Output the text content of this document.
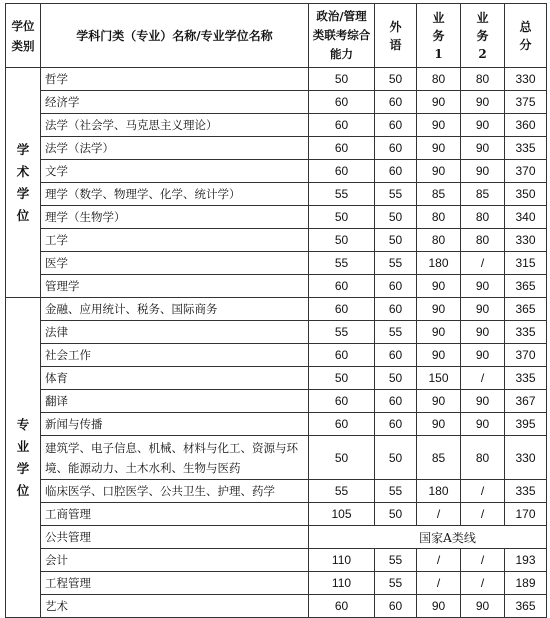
学位类别	学科门类（专业）名称/专业学位名称	政治/管理类联考综合能力	外语	业务1	业务2	总分

学术学位	哲学	50	50	80	80	330
	经济学	60	60	90	90	375
	法学（社会学、马克思主义理论）	60	60	90	90	360
	法学（法学）	60	60	90	90	335
	文学	60	60	90	90	370
	理学（数学、物理学、化学、统计学）	55	55	85	85	350
	理学（生物学）	50	50	80	80	340
	工学	50	50	80	80	330
	医学	55	55	180	/	315
	管理学	60	60	90	90	365

专业学位	金融、应用统计、税务、国际商务	60	60	90	90	365
	法律	55	55	90	90	335
	社会工作	60	60	90	90	370
	体育	50	50	150	/	335
	翻译	60	60	90	90	367
	新闻与传播	60	60	90	90	395
	建筑学、电子信息、机械、材料与化工、资源与环境、能源动力、土木水利、生物与医药	50	50	85	80	330
	临床医学、口腔医学、公共卫生、护理、药学	55	55	180	/	335
	工商管理	105	50	/	/	170
	公共管理	国家A类线				
	会计	110	55	/	/	193
	工程管理	110	55	/	/	189
	艺术	60	60	90	90	365
